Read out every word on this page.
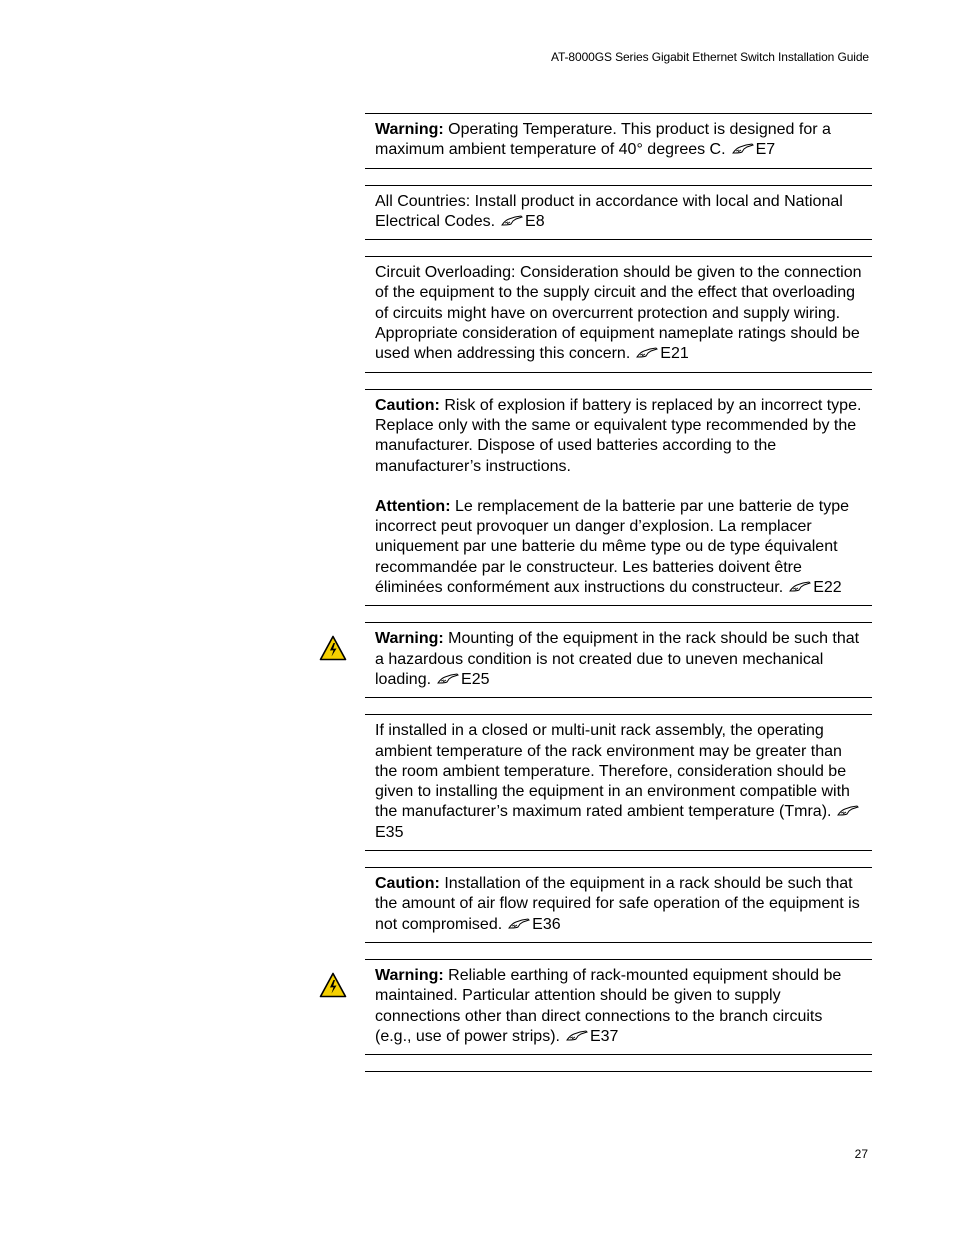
AT-8000GS Series Gigabit Ethernet Switch Installation Guide

Warning: Operating Temperature. This product is designed for a maximum ambient temperature of 40° degrees C. E7

All Countries: Install product in accordance with local and National Electrical Codes. E8

Circuit Overloading: Consideration should be given to the connection of the equipment to the supply circuit and the effect that overloading of circuits might have on overcurrent protection and supply wiring. Appropriate consideration of equipment nameplate ratings should be used when addressing this concern. E21

Caution: Risk of explosion if battery is replaced by an incorrect type. Replace only with the same or equivalent type recommended by the manufacturer. Dispose of used batteries according to the manufacturer’s instructions.

Attention: Le remplacement de la batterie par une batterie de type incorrect peut provoquer un danger d’explosion. La remplacer uniquement par une batterie du même type ou de type équivalent recommandée par le constructeur. Les batteries doivent être éliminées conformément aux instructions du constructeur. E22

Warning: Mounting of the equipment in the rack should be such that a hazardous condition is not created due to uneven mechanical loading. E25

If installed in a closed or multi-unit rack assembly, the operating ambient temperature of the rack environment may be greater than the room ambient temperature. Therefore, consideration should be given to installing the equipment in an environment compatible with the manufacturer’s maximum rated ambient temperature (Tmra).E35

Caution: Installation of the equipment in a rack should be such that the amount of air flow required for safe operation of the equipment is not compromised. E36

Warning: Reliable earthing of rack-mounted equipment should be maintained. Particular attention should be given to supply connections other than direct connections to the branch circuits (e.g., use of power strips). E37

27
